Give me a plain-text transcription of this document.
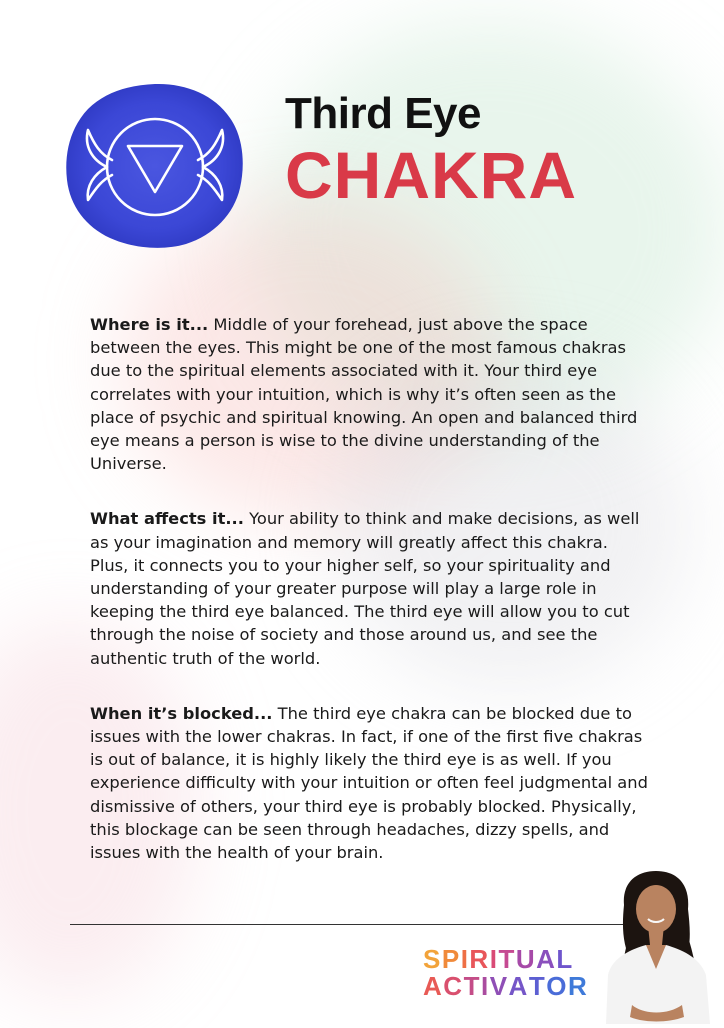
Third Eye
CHAKRA

Where is it... Middle of your forehead, just above the space between the eyes. This might be one of the most famous chakras due to the spiritual elements associated with it. Your third eye correlates with your intuition, which is why it’s often seen as the place of psychic and spiritual knowing. An open and balanced third eye means a person is wise to the divine understanding of the Universe.

What affects it... Your ability to think and make decisions, as well as your imagination and memory will greatly affect this chakra. Plus, it connects you to your higher self, so your spirituality and understanding of your greater purpose will play a large role in keeping the third eye balanced. The third eye will allow you to cut through the noise of society and those around us, and see the authentic truth of the world.

When it’s blocked... The third eye chakra can be blocked due to issues with the lower chakras. In fact, if one of the first five chakras is out of balance, it is highly likely the third eye is as well. If you experience difficulty with your intuition or often feel judgmental and dismissive of others, your third eye is probably blocked. Physically, this blockage can be seen through headaches, dizzy spells, and issues with the health of your brain.

SPIRITUAL
ACTIVATOR
